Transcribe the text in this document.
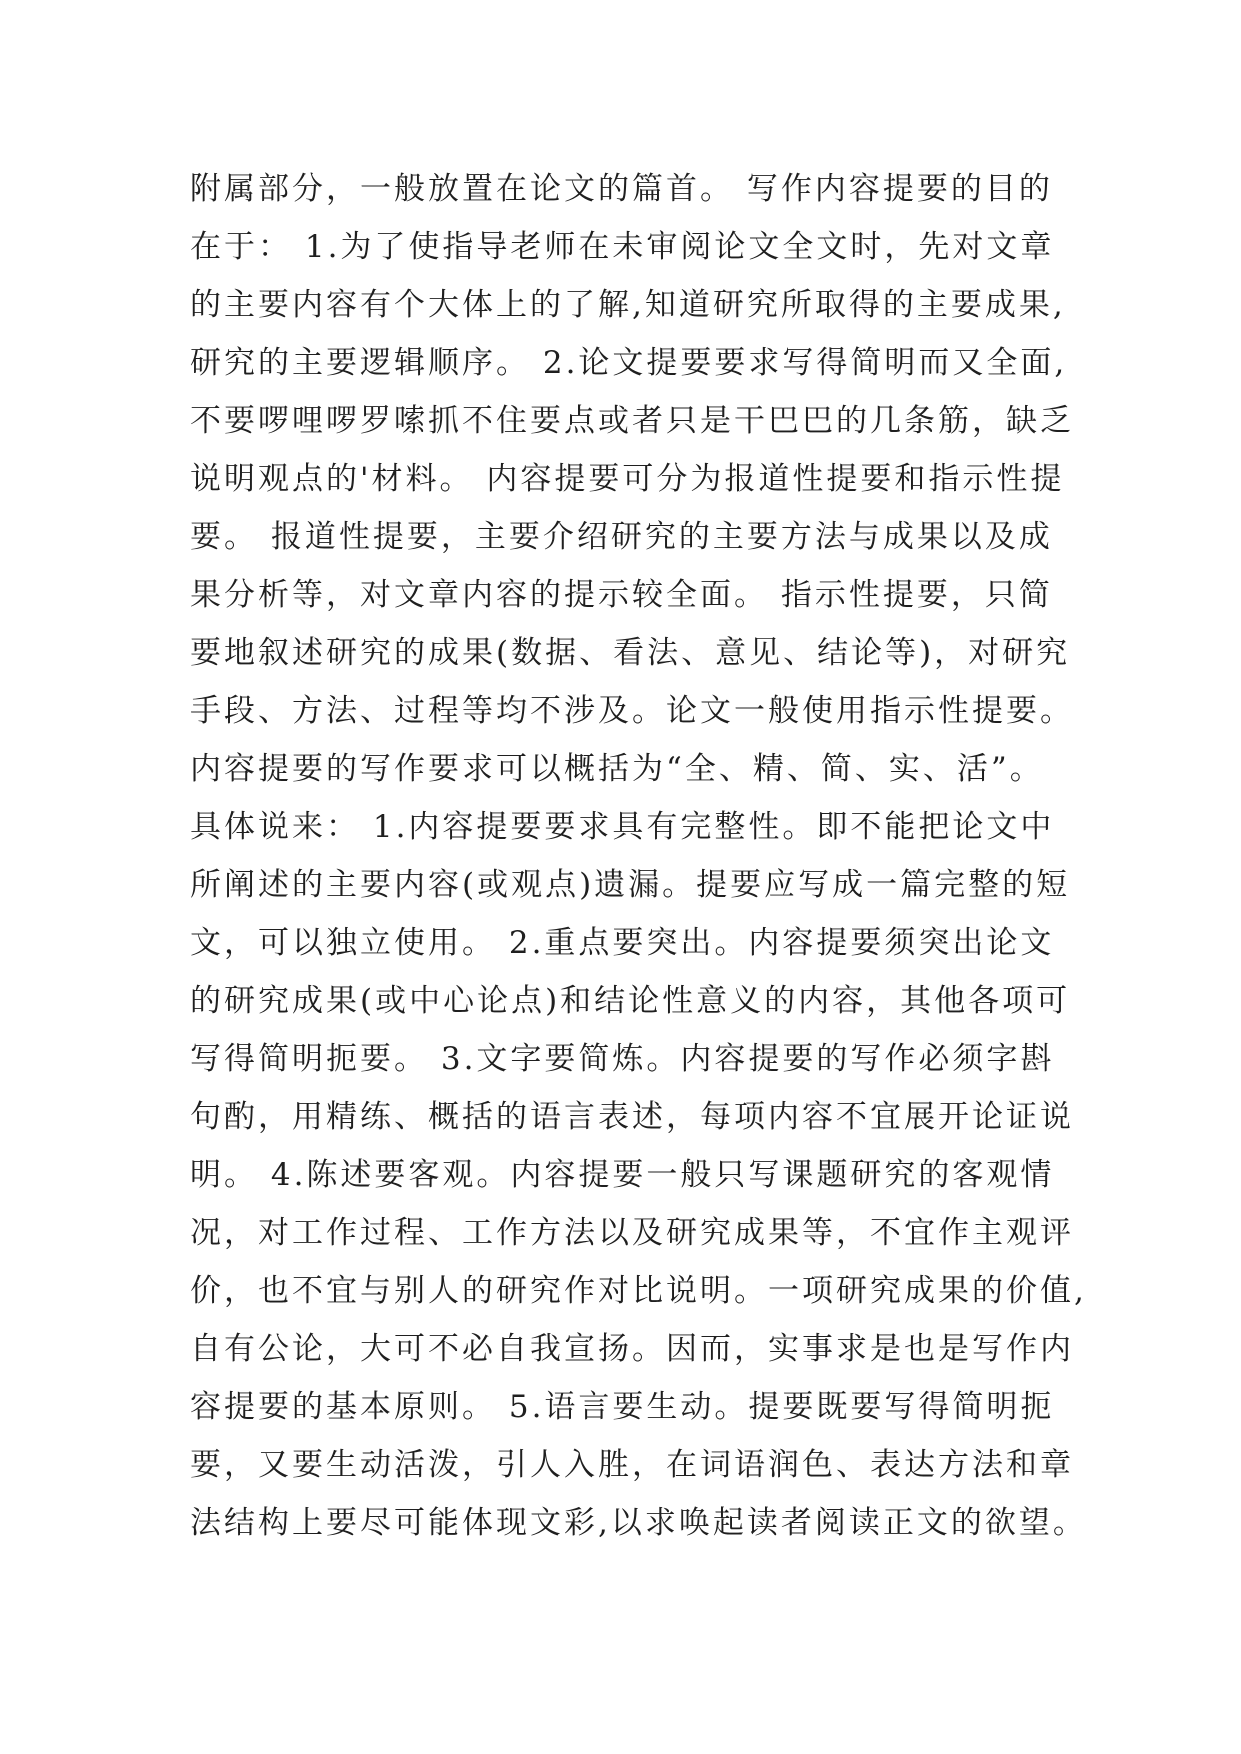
附属部分，一般放置在论文的篇首。 写作内容提要的目的
在于： 1.为了使指导老师在未审阅论文全文时，先对文章
的主要内容有个大体上的了解,知道研究所取得的主要成果,
研究的主要逻辑顺序。 2.论文提要要求写得简明而又全面,
不要啰哩啰罗嗦抓不住要点或者只是干巴巴的几条筋，缺乏
说明观点的'材料。 内容提要可分为报道性提要和指示性提
要。 报道性提要，主要介绍研究的主要方法与成果以及成
果分析等，对文章内容的提示较全面。 指示性提要，只简
要地叙述研究的成果(数据、看法、意见、结论等)，对研究
手段、方法、过程等均不涉及。论文一般使用指示性提要。
内容提要的写作要求可以概括为“全、精、简、实、活”。
具体说来： 1.内容提要要求具有完整性。即不能把论文中
所阐述的主要内容(或观点)遗漏。提要应写成一篇完整的短
文，可以独立使用。 2.重点要突出。内容提要须突出论文
的研究成果(或中心论点)和结论性意义的内容，其他各项可
写得简明扼要。 3.文字要简炼。内容提要的写作必须字斟
句酌，用精练、概括的语言表述，每项内容不宜展开论证说
明。 4.陈述要客观。内容提要一般只写课题研究的客观情
况，对工作过程、工作方法以及研究成果等，不宜作主观评
价，也不宜与别人的研究作对比说明。一项研究成果的价值,
自有公论，大可不必自我宣扬。因而，实事求是也是写作内
容提要的基本原则。 5.语言要生动。提要既要写得简明扼
要，又要生动活泼，引人入胜，在词语润色、表达方法和章
法结构上要尽可能体现文彩,以求唤起读者阅读正文的欲望。
